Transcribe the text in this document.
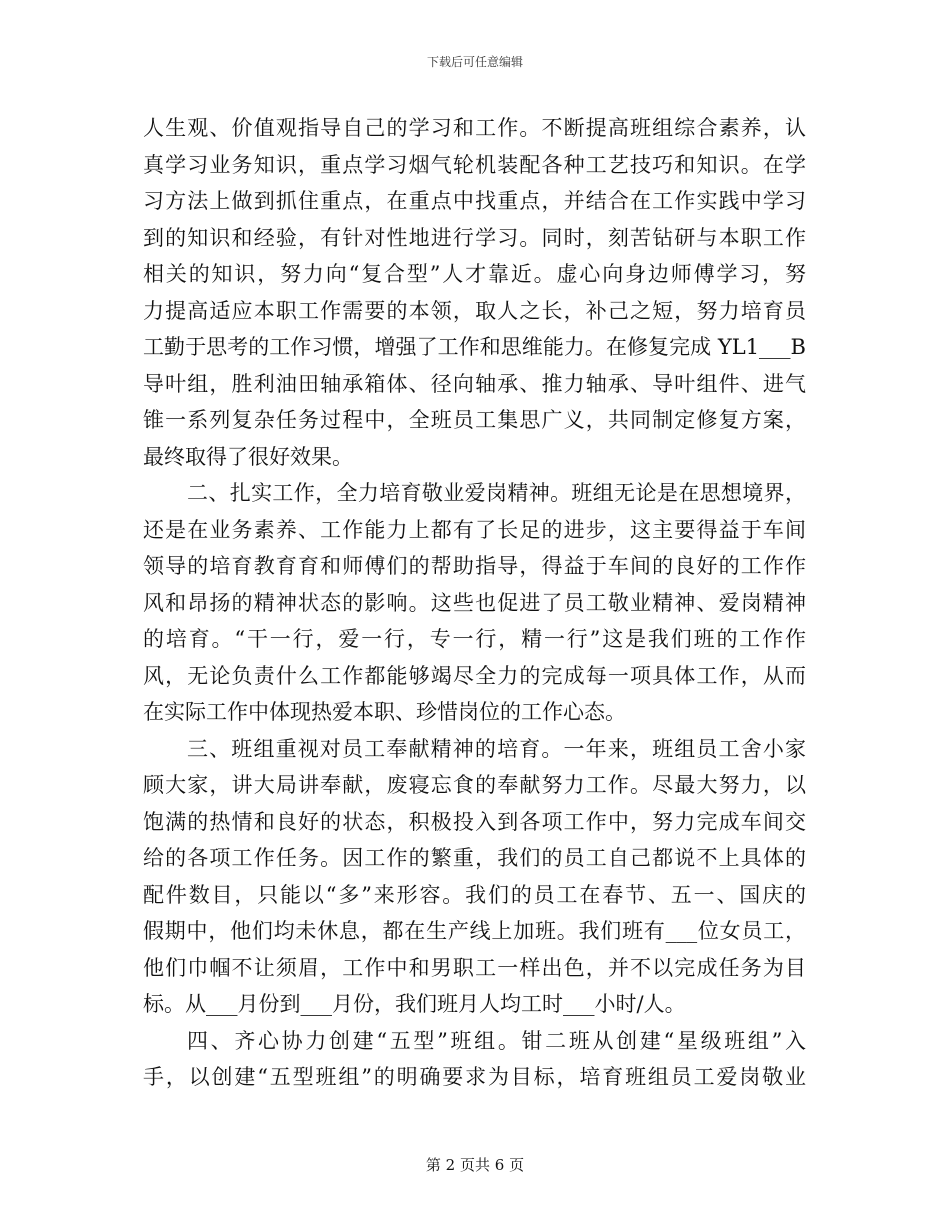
下载后可任意编辑
人生观、价值观指导自己的学习和工作。不断提高班组综合素养，认
真学习业务知识，重点学习烟气轮机装配各种工艺技巧和知识。在学
习方法上做到抓住重点，在重点中找重点，并结合在工作实践中学习
到的知识和经验，有针对性地进行学习。同时，刻苦钻研与本职工作
相关的知识，努力向“复合型”人才靠近。虚心向身边师傅学习，努
力提高适应本职工作需要的本领，取人之长，补己之短，努力培育员
工勤于思考的工作习惯，增强了工作和思维能力。在修复完成 YL1___B
导叶组，胜利油田轴承箱体、径向轴承、推力轴承、导叶组件、进气
锥一系列复杂任务过程中，全班员工集思广义，共同制定修复方案，
最终取得了很好效果。
二、扎实工作，全力培育敬业爱岗精神。班组无论是在思想境界，
还是在业务素养、工作能力上都有了长足的进步，这主要得益于车间
领导的培育教育育和师傅们的帮助指导，得益于车间的良好的工作作
风和昂扬的精神状态的影响。这些也促进了员工敬业精神、爱岗精神
的培育。“干一行，爱一行，专一行，精一行”这是我们班的工作作
风，无论负责什么工作都能够竭尽全力的完成每一项具体工作，从而
在实际工作中体现热爱本职、珍惜岗位的工作心态。
三、班组重视对员工奉献精神的培育。一年来，班组员工舍小家
顾大家，讲大局讲奉献，废寝忘食的奉献努力工作。尽最大努力，以
饱满的热情和良好的状态，积极投入到各项工作中，努力完成车间交
给的各项工作任务。因工作的繁重，我们的员工自己都说不上具体的
配件数目，只能以“多”来形容。我们的员工在春节、五一、国庆的
假期中，他们均未休息，都在生产线上加班。我们班有___位女员工，
他们巾帼不让须眉，工作中和男职工一样出色，并不以完成任务为目
标。从___月份到___月份，我们班月人均工时___小时/人。
四、齐心协力创建“五型”班组。钳二班从创建“星级班组”入
手，以创建“五型班组”的明确要求为目标，培育班组员工爱岗敬业
第 2 页共 6 页
